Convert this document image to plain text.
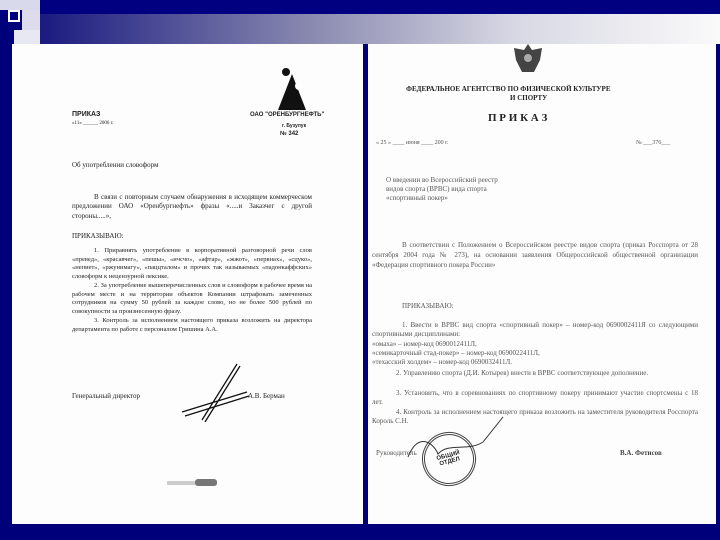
ПРИКАЗ
«11» ______ 2006 г.
ОАО "ОРЕНБУРГНЕФТЬ"
г. Бузулук
№ 342
Об употреблении словоформ
В связи с повторным случаем обнаружения в исходящем коммерческом предложении ОАО «Оренбургнефть» фразы «.....и Заказчег с другой стороны.....»,
ПРИКАЗЫВАЮ:
1. Приравнять употребление в корпоративной разговорной речи слов «превед», «красавчег», «пешы», «ичсчо», «афтар», «жжот», «первнах», «сцуко», «непиет», «ржунимагу», «паццталом» и прочих так называемых «падонкаффских» словоформ к нецензурной лексике.
2. За употребление вышеперечисленных слов и словоформ в рабочее время на рабочем месте и на территории объектов Компании штрафовать замеченных сотрудников на сумму 50 рублей за каждое слово, но не более 500 рублей по совокупности за произнесенную фразу.
3. Контроль за исполнением настоящего приказа возложить на директора департамента по работе с персоналом Гришина А.А.
Генеральный директор	А.В. Берман
ФЕДЕРАЛЬНОЕ АГЕНТСТВО ПО ФИЗИЧЕСКОЙ КУЛЬТУРЕ
И СПОРТУ
П Р И К А З
« 25 » ____ июня ____ 200 г.	№ ___376___
О введении во Всероссийский реестр
видов спорта (ВРВС) вида спорта
«спортивный покер»
В соответствии с Положением о Всероссийском реестре видов спорта (приказ Росспорта от 28 сентября 2004 года № 273), на основании заявления Общероссийской общественной организации «Федерация спортивного покера России»
ПРИКАЗЫВАЮ:
1. Ввести в ВРВС вид спорта «спортивный покер» – номер-код 0690002411Я со следующими спортивными дисциплинами:
«омаха» – номер-код 0690012411Л,
«семикарточный стад-покер» – номер-код 0690022411Л,
«техасский холдем» – номер-код 0690032411Л.
2. Управлению спорта (Д.И. Котырев) внести в ВРВС соответствующее дополнение.
3. Установить, что в соревнованиях по спортивному покеру принимают участие спортсмены с 18 лет.
4. Контроль за исполнением настоящего приказа возложить на заместителя руководителя Росспорта Король С.Н.
Руководитель	ОБЩИЙ ОТДЕЛ
В.А. Фетисов
